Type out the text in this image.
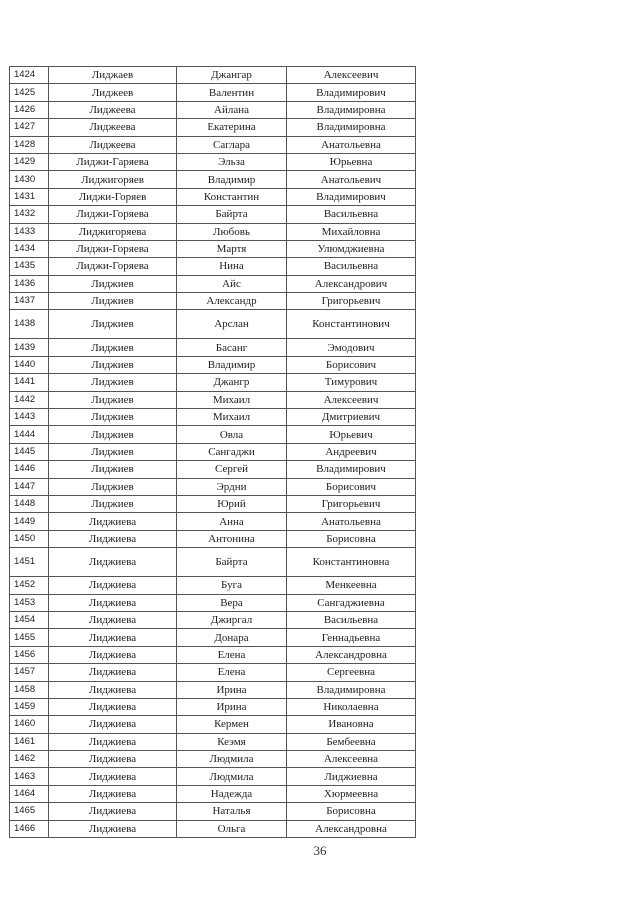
1424	Лиджаев	Джангар	Алексеевич
1425	Лиджеев	Валентин	Владимирович
1426	Лиджеева	Айлана	Владимировна
1427	Лиджеева	Екатерина	Владимировна
1428	Лиджеева	Саглара	Анатольевна
1429	Лиджи-Гаряева	Эльза	Юрьевна
1430	Лиджигоряев	Владимир	Анатольевич
1431	Лиджи-Горяев	Константин	Владимирович
1432	Лиджи-Горяева	Байрта	Васильевна
1433	Лиджигоряева	Любовь	Михайловна
1434	Лиджи-Горяева	Мартя	Улюмджиевна
1435	Лиджи-Горяева	Нина	Васильевна
1436	Лиджиев	Айс	Александрович
1437	Лиджиев	Александр	Григорьевич
1438	Лиджиев	Арслан	Константинович
1439	Лиджиев	Басанг	Эмодович
1440	Лиджиев	Владимир	Борисович
1441	Лиджиев	Джангр	Тимурович
1442	Лиджиев	Михаил	Алексеевич
1443	Лиджиев	Михаил	Дмитриевич
1444	Лиджиев	Овла	Юрьевич
1445	Лиджиев	Сангаджи	Андреевич
1446	Лиджиев	Сергей	Владимирович
1447	Лиджиев	Эрдни	Борисович
1448	Лиджиев	Юрий	Григорьевич
1449	Лиджиева	Анна	Анатольевна
1450	Лиджиева	Антонина	Борисовна
1451	Лиджиева	Байрта	Константиновна
1452	Лиджиева	Буга	Менкеевна
1453	Лиджиева	Вера	Сангаджиевна
1454	Лиджиева	Джиргал	Васильевна
1455	Лиджиева	Донара	Геннадьевна
1456	Лиджиева	Елена	Александровна
1457	Лиджиева	Елена	Сергеевна
1458	Лиджиева	Ирина	Владимировна
1459	Лиджиева	Ирина	Николаевна
1460	Лиджиева	Кермен	Ивановна
1461	Лиджиева	Кеэмя	Бембеевна
1462	Лиджиева	Людмила	Алексеевна
1463	Лиджиева	Людмила	Лиджиевна
1464	Лиджиева	Надежда	Хюрмеевна
1465	Лиджиева	Наталья	Борисовна
1466	Лиджиева	Ольга	Александровна
36
